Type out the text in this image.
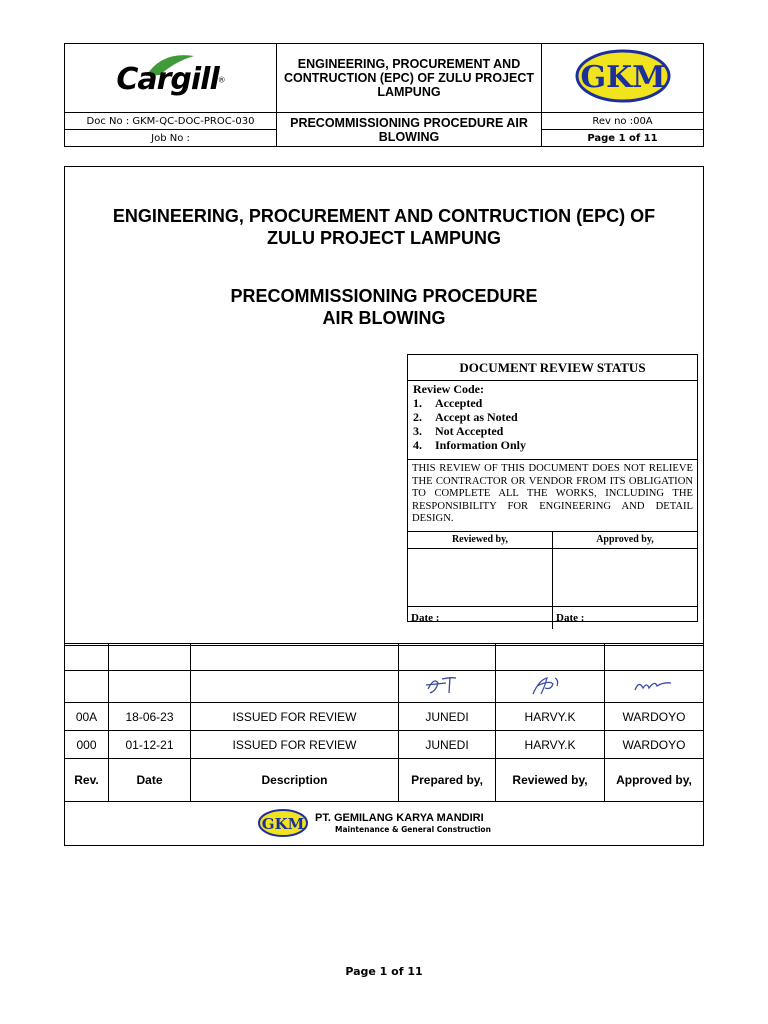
Cargill®	ENGINEERING, PROCUREMENT AND CONTRUCTION (EPC) OF ZULU PROJECT LAMPUNG	GKM

Doc No : GKM-QC-DOC-PROC-030	PRECOMMISSIONING PROCEDURE AIR BLOWING	Rev no :00A
Job No :		Page 1 of 11
ENGINEERING, PROCUREMENT AND CONTRUCTION (EPC) OF
ZULU PROJECT LAMPUNG
PRECOMMISSIONING PROCEDURE
AIR BLOWING
DOCUMENT REVIEW STATUS
Review Code:
1. Accepted
2. Accept as Noted
3. Not Accepted
4. Information Only
THIS REVIEW OF THIS DOCUMENT DOES NOT RELIEVE THE CONTRACTOR OR VENDOR FROM ITS OBLIGATION TO COMPLETE ALL THE WORKS, INCLUDING THE RESPONSIBILITY FOR ENGINEERING AND DETAIL DESIGN.
Reviewed by,
Date :
Approved by,
Date :

00A	18-06-23	ISSUED FOR REVIEW	JUNEDI	HARVY.K	WARDOYO
000	01-12-21	ISSUED FOR REVIEW	JUNEDI	HARVY.K	WARDOYO
Rev.	Date	Description	Prepared by,	Reviewed by,	Approved by,
GKM PT. GEMILANG KARYA MANDIRI
Maintenance & General Construction
Page 1 of 11
